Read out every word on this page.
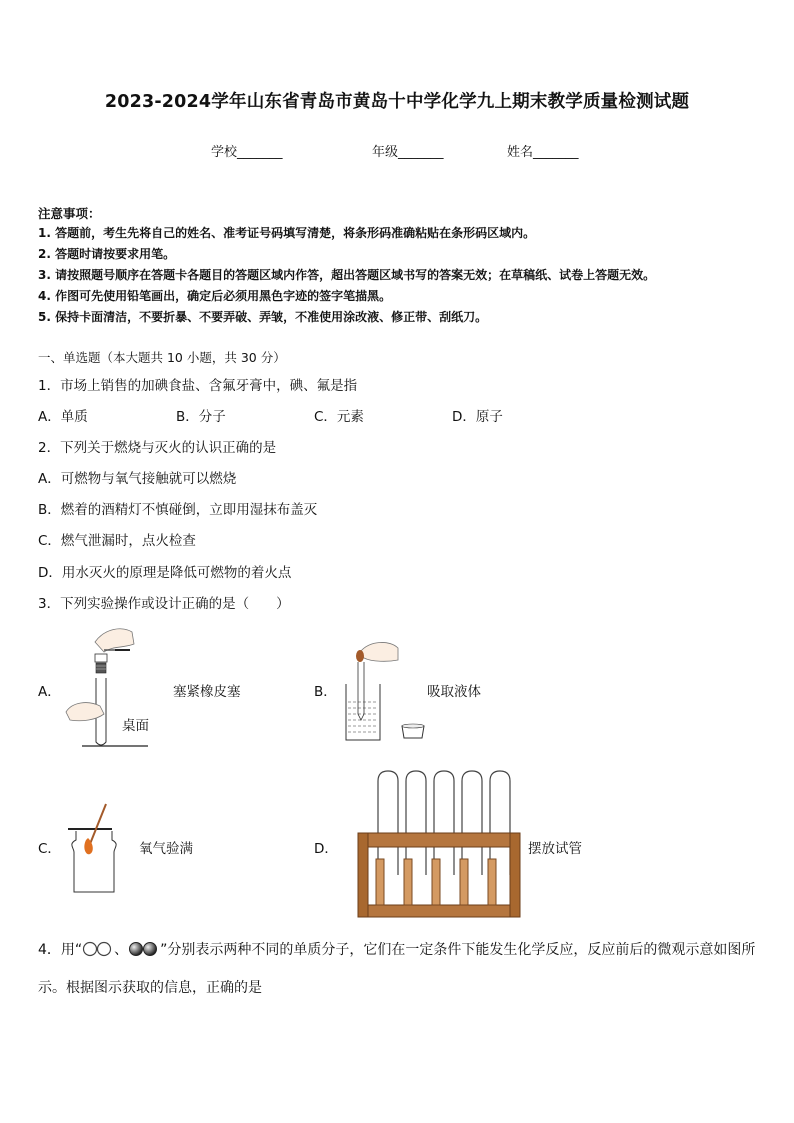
2023-2024学年山东省青岛市黄岛十中学化学九上期末教学质量检测试题
学校_______	年级_______	姓名_______
注意事项：
1. 答题前，考生先将自己的姓名、准考证号码填写清楚，将条形码准确粘贴在条形码区域内。
2. 答题时请按要求用笔。
3. 请按照题号顺序在答题卡各题目的答题区域内作答，超出答题区域书写的答案无效；在草稿纸、试卷上答题无效。
4. 作图可先使用铅笔画出，确定后必须用黑色字迹的签字笔描黑。
5. 保持卡面清洁，不要折暴、不要弄破、弄皱，不准使用涂改液、修正带、刮纸刀。
一、单选题（本大题共 10 小题，共 30 分）
1．市场上销售的加碘食盐、含氟牙膏中，碘、氟是指
A．单质	B．分子	C．元素	D．原子
2．下列关于燃烧与灭火的认识正确的是
A．可燃物与氧气接触就可以燃烧
B．燃着的酒精灯不慎碰倒，立即用湿抹布盖灭
C．燃气泄漏时，点火检查
D．用水灭火的原理是降低可燃物的着火点
3．下列实验操作或设计正确的是（　　）
A．
桌面
塞紧橡皮塞	B．	吸取液体
C．	氧气验满	D．	摆放试管
4．用“ 、 ”分别表示两种不同的单质分子，它们在一定条件下能发生化学反应，反应前后的微观示意如图所
示。根据图示获取的信息，正确的是
